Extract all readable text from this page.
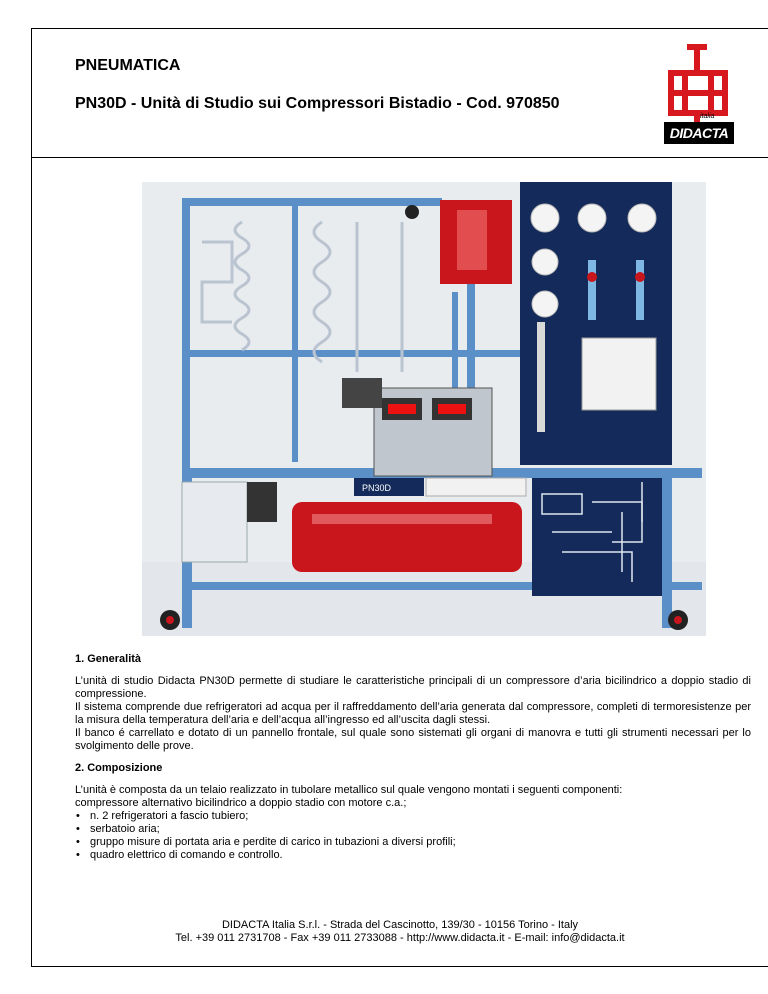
PNEUMATICA
PN30D - Unità di Studio sui Compressori Bistadio - Cod. 970850
italia
DIDACTA
PN30D
1. Generalità

L’unità di studio Didacta PN30D permette di studiare le caratteristiche principali di un compressore d’aria bicilindrico a doppio stadio di compressione.

Il sistema comprende due refrigeratori ad acqua per il raffreddamento dell’aria generata dal compressore, completi di termoresistenze per la misura della temperatura dell’aria e dell’acqua all’ingresso ed all’uscita dagli stessi.

Il banco é carrellato e dotato di un pannello frontale, sul quale sono sistemati gli organi di manovra e tutti gli strumenti necessari per lo svolgimento delle prove.

2. Composizione

L’unità è composta da un telaio realizzato in tubolare metallico sul quale vengono montati i seguenti componenti:

compressore alternativo bicilindrico a doppio stadio con motore c.a.;

• n. 2 refrigeratori a fascio tubiero;
• serbatoio aria;
• gruppo misure di portata aria e perdite di carico in tubazioni a diversi profili;
• quadro elettrico di comando e controllo.
DIDACTA Italia S.r.l. - Strada del Cascinotto, 139/30 - 10156 Torino - Italy
Tel. +39 011 2731708 - Fax +39 011 2733088 - http://www.didacta.it - E-mail: info@didacta.it
